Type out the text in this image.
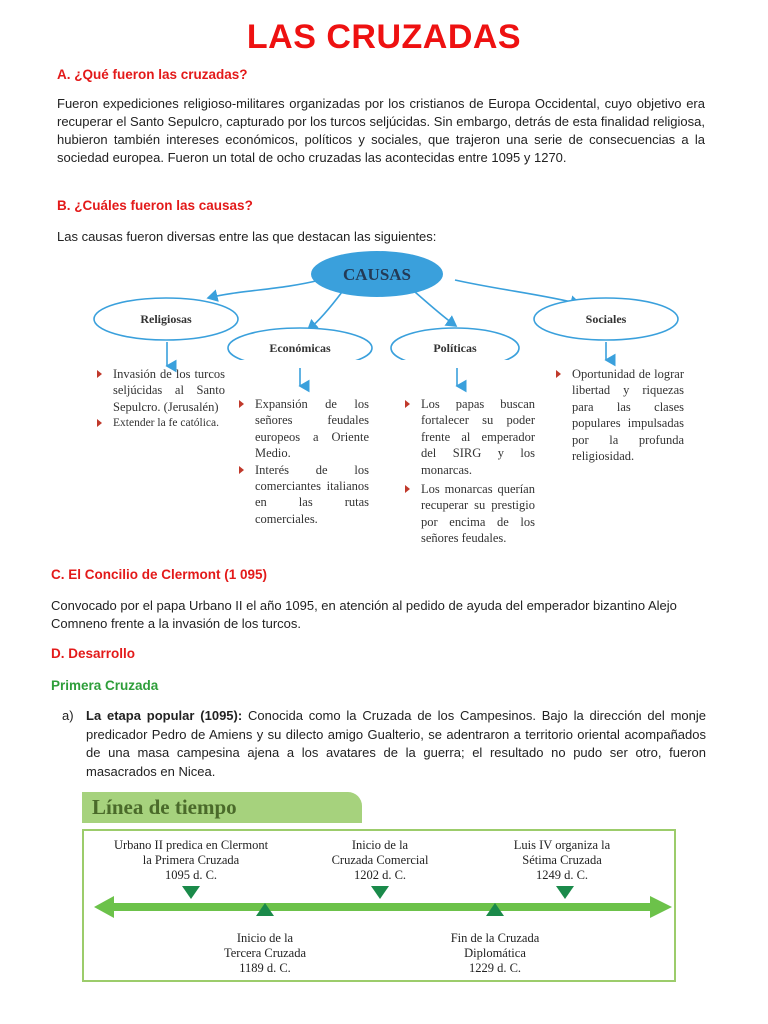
LAS CRUZADAS
A. ¿Qué fueron las cruzadas?
Fueron expediciones religioso-militares organizadas por los cristianos de Europa Occidental, cuyo objetivo era recuperar el Santo Sepulcro, capturado por los turcos seljúcidas. Sin embargo, detrás de esta finalidad religiosa, hubieron también intereses económicos, políticos y sociales, que trajeron una serie de consecuencias a la sociedad europea. Fueron un total de ocho cruzadas las acontecidas entre 1095 y 1270.
B. ¿Cuáles fueron las causas?
Las causas fueron diversas entre las que destacan las siguientes:
CAUSAS
Religiosas
Económicas	Políticas
Sociales
Invasión de los turcos seljúcidas al Santo Sepulcro. (Jerusalén)
Extender la fe católica.
Expansión de los señores feudales europeos a Oriente Medio.
Interés de los comerciantes italianos en las rutas comerciales.
Los papas buscan fortalecer su poder frente al emperador del SIRG y los monarcas.
Los monarcas querían recuperar su prestigio por encima de los señores feudales.
Oportunidad de lograr libertad y riquezas para las clases populares impulsadas por la profunda religiosidad.
C. El Concilio de Clermont (1 095)
Convocado por el papa Urbano II el año 1095, en atención al pedido de ayuda del emperador bizantino Alejo Comneno frente a la invasión de los turcos.
D. Desarrollo
Primera Cruzada
a) La etapa popular (1095): Conocida como la Cruzada de los Campesinos. Bajo la dirección del monje predicador Pedro de Amiens y su dilecto amigo Gualterio, se adentraron a territorio oriental acompañados de una masa campesina ajena a los avatares de la guerra; el resultado no pudo ser otro, fueron masacrados en Nicea.
Línea de tiempo
Urbano II predica en Clermont
la Primera Cruzada
1095 d. C.
Inicio de la
Cruzada Comercial
1202 d. C.
Luis IV organiza la
Sétima Cruzada
1249 d. C.
Inicio de la
Tercera Cruzada
1189 d. C.
Fin de la Cruzada
Diplomática
1229 d. C.
